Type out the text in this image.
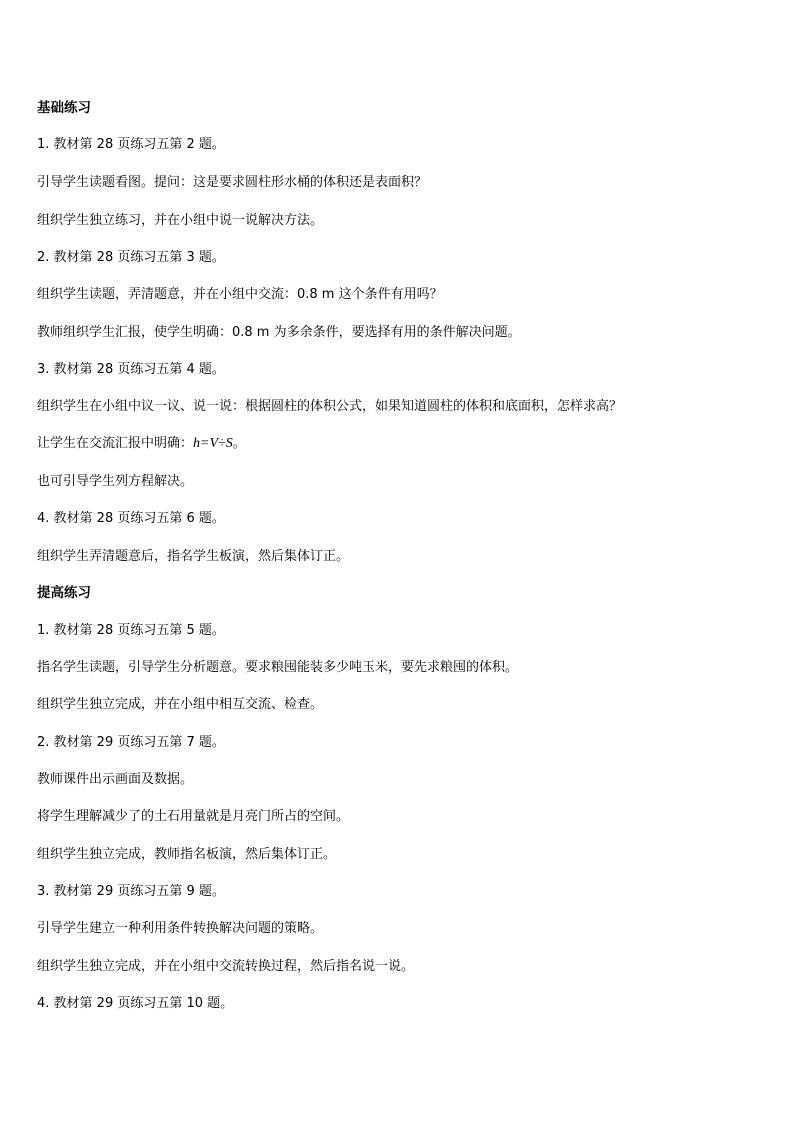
基础练习
1. 教材第 28 页练习五第 2 题。
引导学生读题看图。提问：这是要求圆柱形水桶的体积还是表面积？
组织学生独立练习，并在小组中说一说解决方法。
2. 教材第 28 页练习五第 3 题。
组织学生读题，弄清题意，并在小组中交流：0.8 m 这个条件有用吗？
教师组织学生汇报，使学生明确：0.8 m 为多余条件，要选择有用的条件解决问题。
3. 教材第 28 页练习五第 4 题。
组织学生在小组中议一议、说一说：根据圆柱的体积公式，如果知道圆柱的体积和底面积，怎样求高？
让学生在交流汇报中明确：h=V÷S。
也可引导学生列方程解决。
4. 教材第 28 页练习五第 6 题。
组织学生弄清题意后，指名学生板演，然后集体订正。
提高练习
1. 教材第 28 页练习五第 5 题。
指名学生读题，引导学生分析题意。要求粮囤能装多少吨玉米，要先求粮囤的体积。
组织学生独立完成，并在小组中相互交流、检查。
2. 教材第 29 页练习五第 7 题。
教师课件出示画面及数据。
将学生理解减少了的土石用量就是月亮门所占的空间。
组织学生独立完成，教师指名板演，然后集体订正。
3. 教材第 29 页练习五第 9 题。
引导学生建立一种利用条件转换解决问题的策略。
组织学生独立完成，并在小组中交流转换过程，然后指名说一说。
4. 教材第 29 页练习五第 10 题。
